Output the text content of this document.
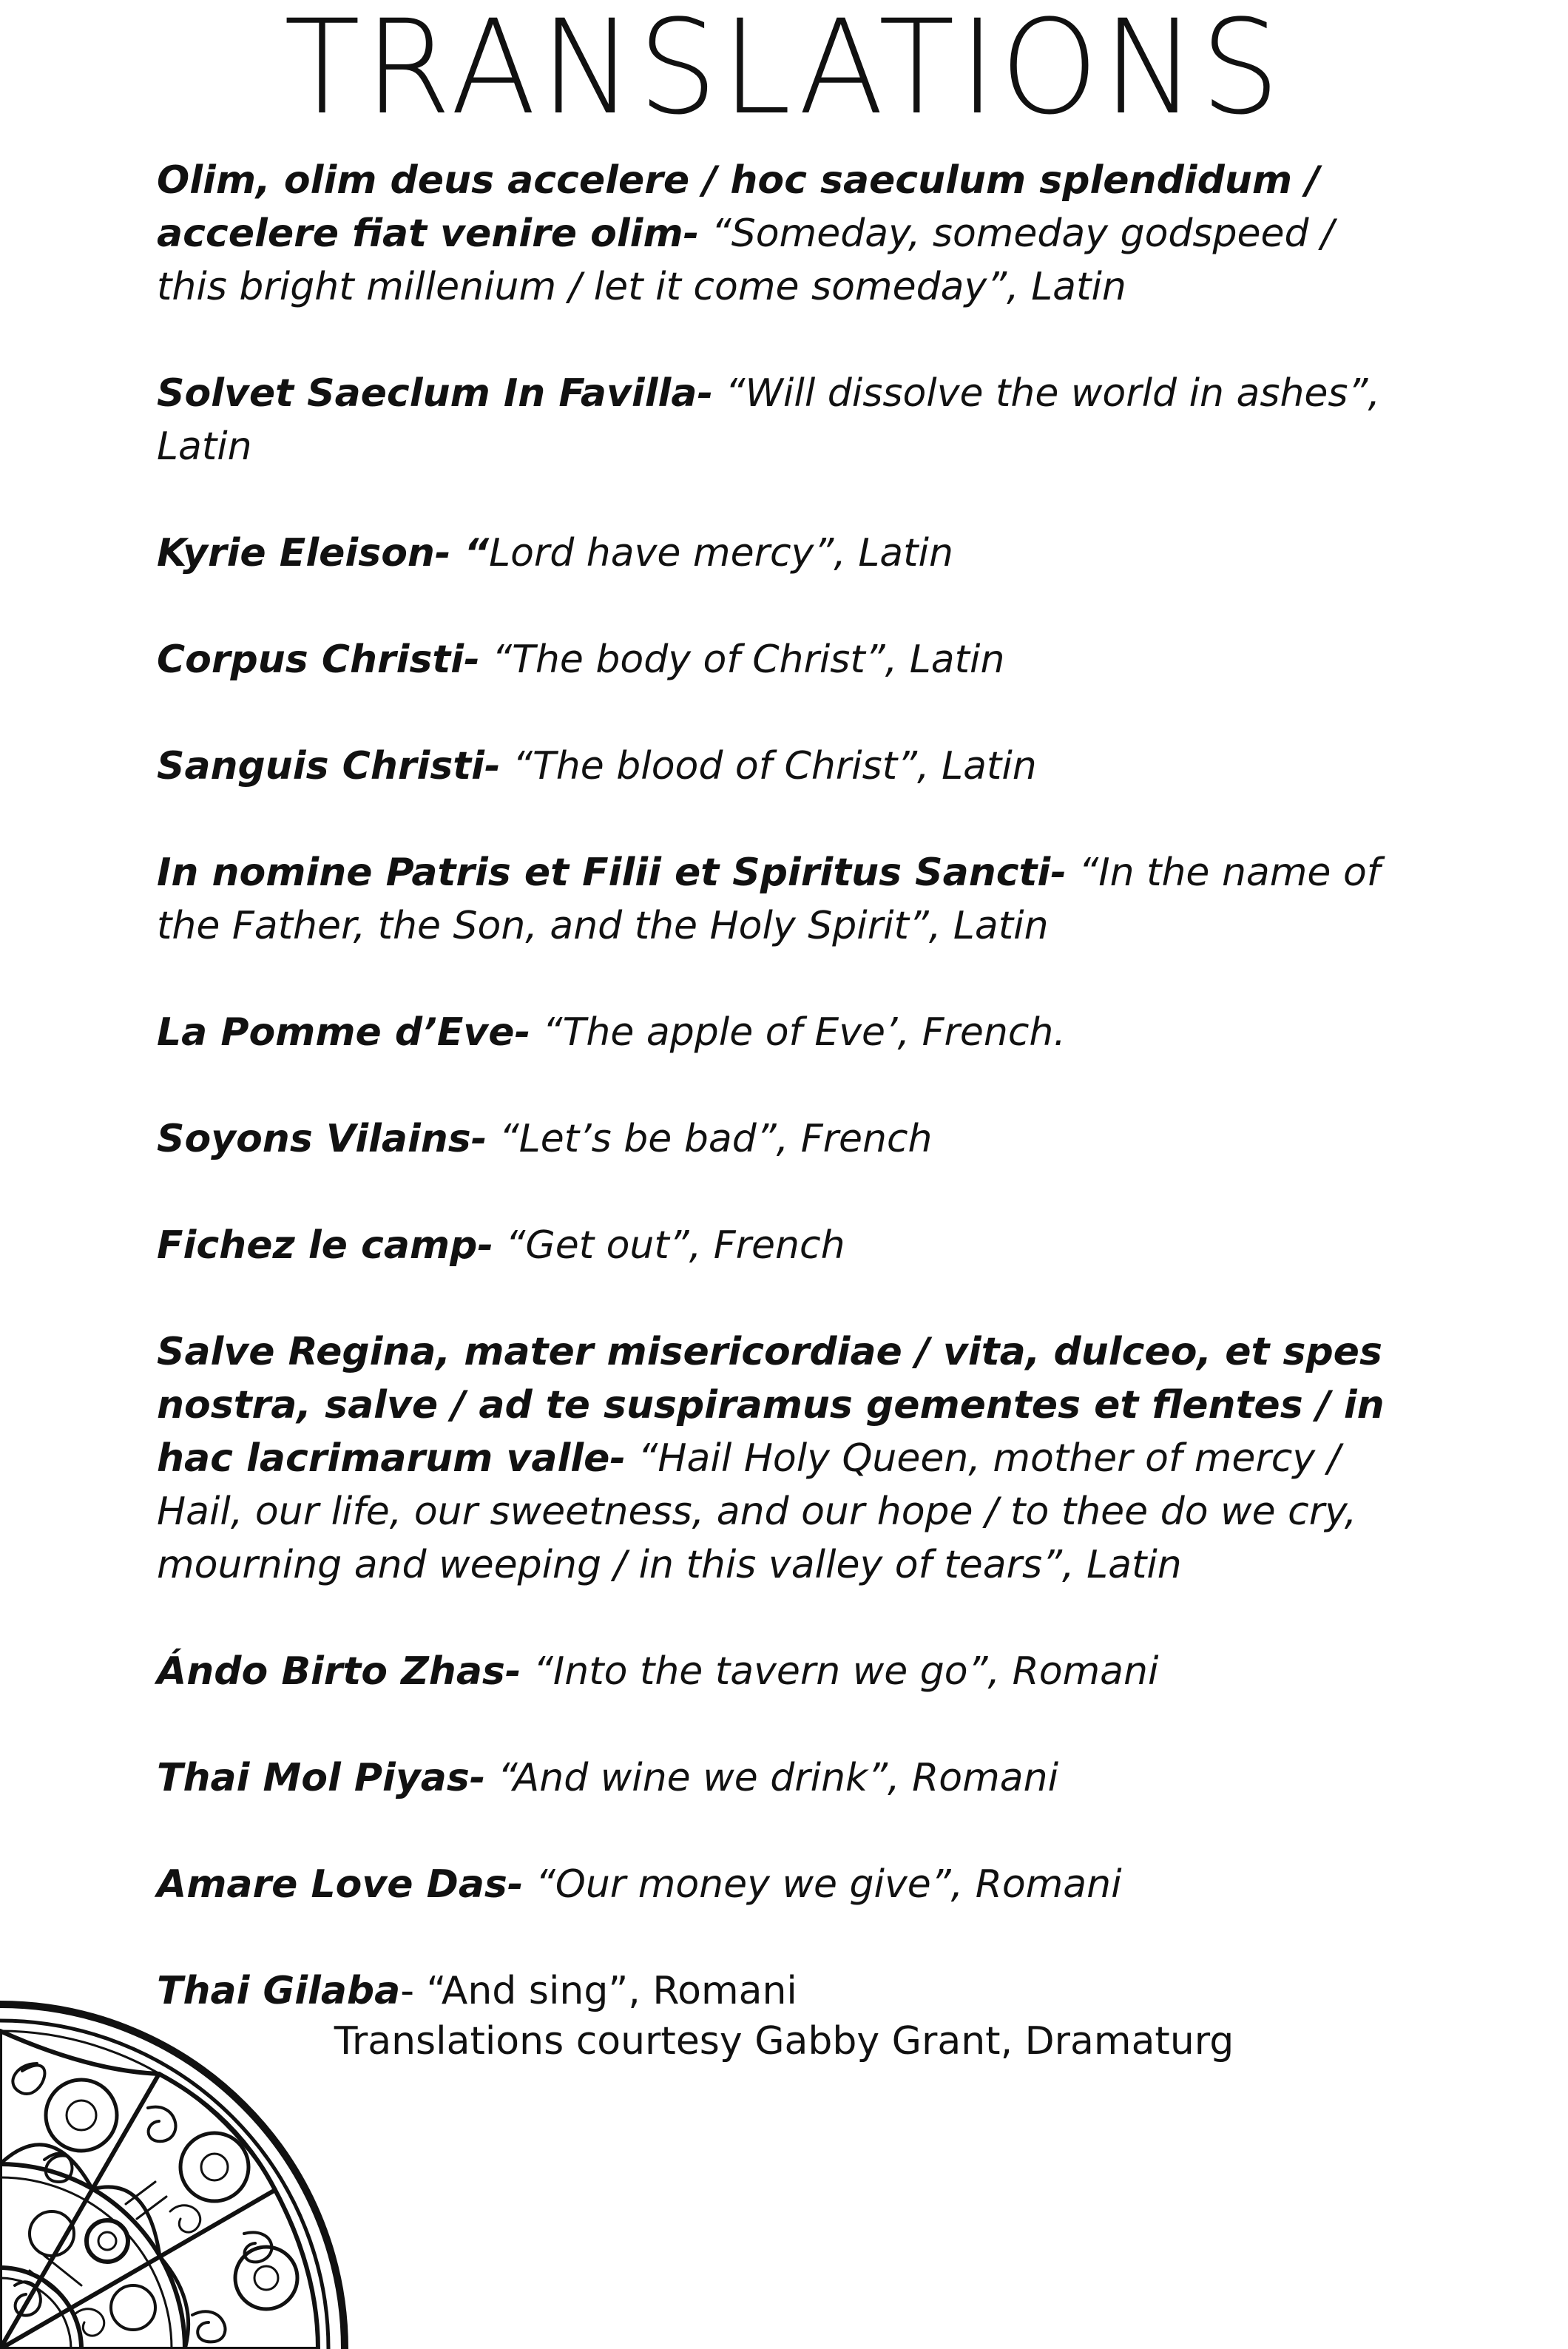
TRANSLATIONS

Olim, olim deus accelere / hoc saeculum splendidum / accelere fiat venire olim- “Someday, someday godspeed / this bright millenium / let it come someday”, Latin

Solvet Saeclum In Favilla- “Will dissolve the world in ashes”, Latin

Kyrie Eleison- “Lord have mercy”, Latin

Corpus Christi- “The body of Christ”, Latin

Sanguis Christi- “The blood of Christ”, Latin

In nomine Patris et Filii et Spiritus Sancti- “In the name of the Father, the Son, and the Holy Spirit”, Latin

La Pomme d’Eve- “The apple of Eve’, French.

Soyons Vilains- “Let’s be bad”, French

Fichez le camp- “Get out”, French

Salve Regina, mater misericordiae / vita, dulceo, et spes nostra, salve / ad te suspiramus gementes et flentes / in hac lacrimarum valle- “Hail Holy Queen, mother of mercy / Hail, our life, our sweetness, and our hope / to thee do we cry, mourning and weeping / in this valley of tears”, Latin

Ándo Birto Zhas- “Into the tavern we go”, Romani

Thai Mol Piyas- “And wine we drink”, Romani

Amare Love Das- “Our money we give”, Romani

Thai Gilaba- “And sing”, Romani

Translations courtesy Gabby Grant, Dramaturg
